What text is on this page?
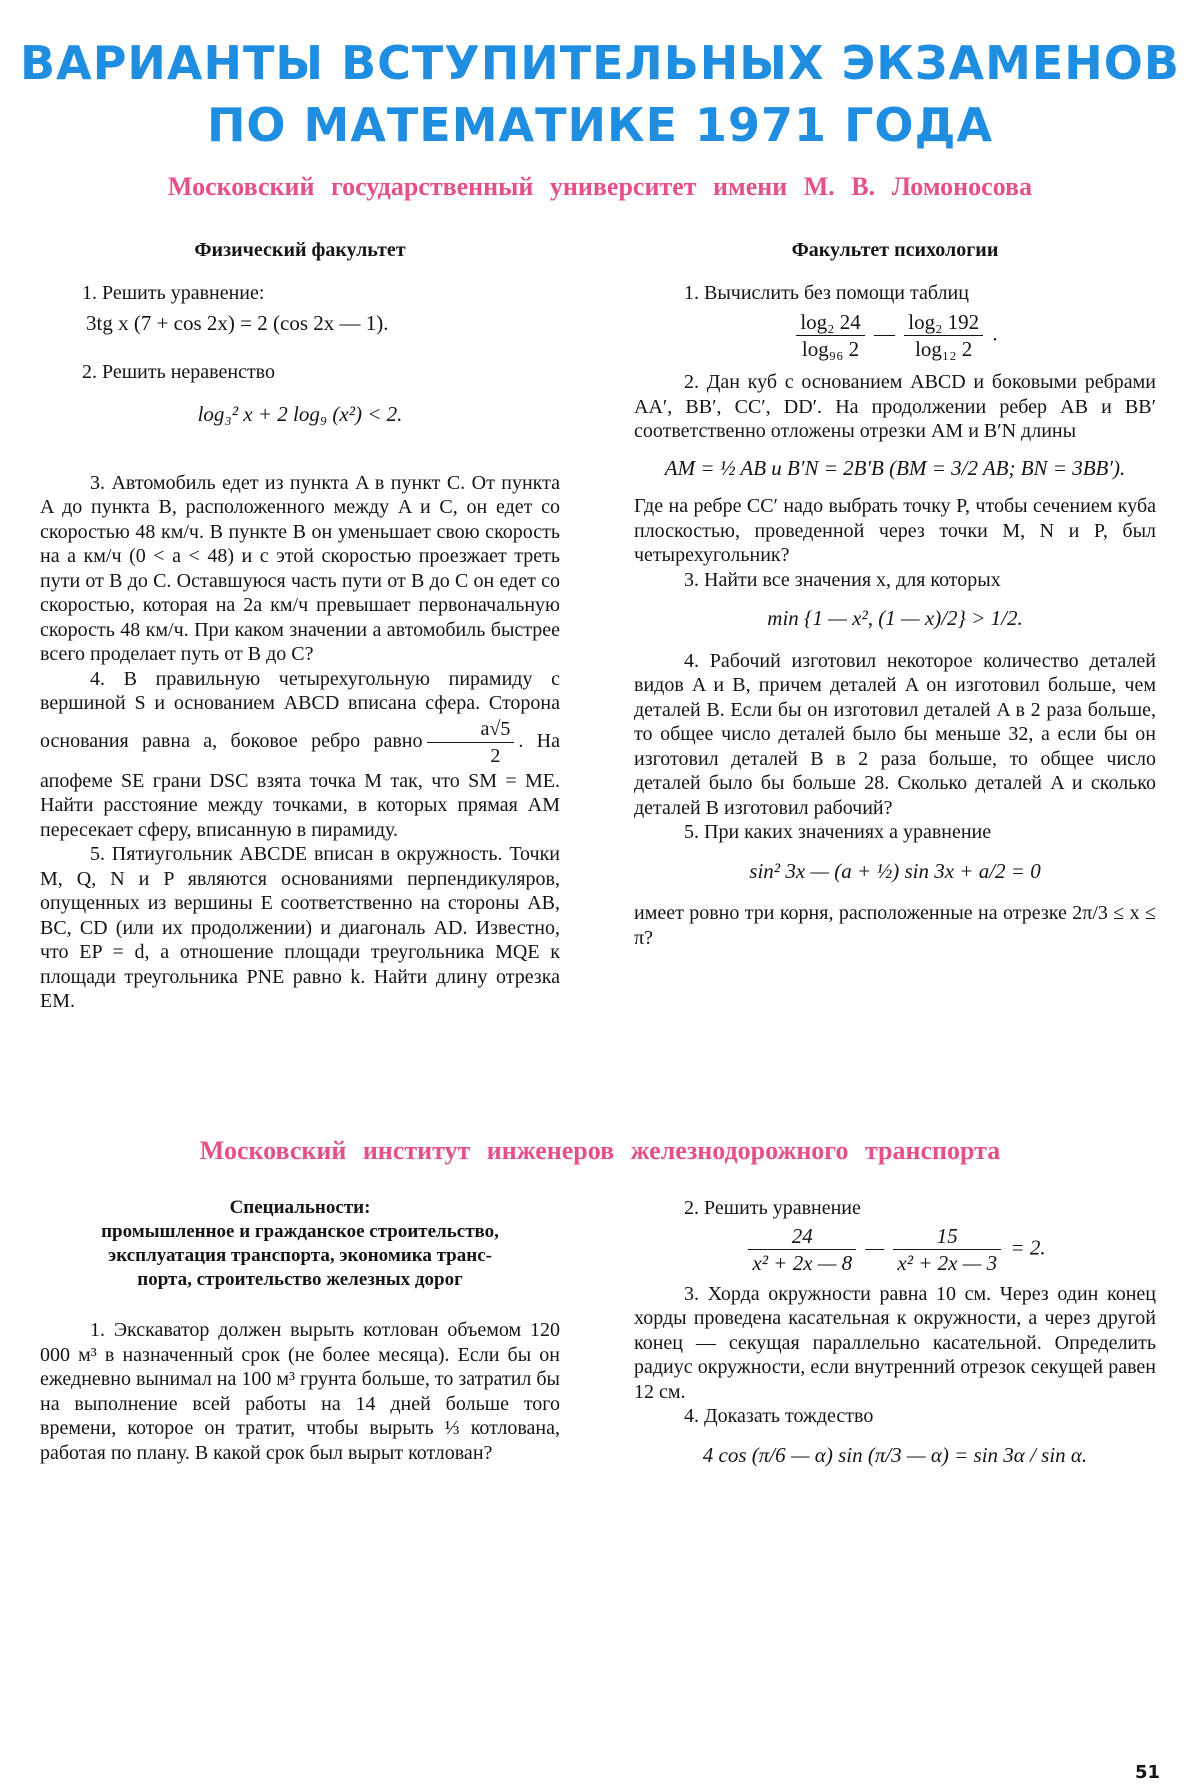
ВАРИАНТЫ ВСТУПИТЕЛЬНЫХ ЭКЗАМЕНОВ
ПО МАТЕМАТИКЕ 1971 ГОДА
Московский государственный университет имени М. В. Ломоносова

Физический факультет

1. Решить уравнение:

3tg x (7 + cos 2x) = 2 (cos 2x — 1).

2. Решить неравенство

log₃² x + 2 log₉ (x²) < 2.

3. Автомобиль едет из пункта A в пункт C. От пункта A до пункта B, расположенного между A и C, он едет со скоростью 48 км/ч. В пункте B он уменьшает свою скорость на a км/ч (0 < a < 48) и с этой скоростью проезжает треть пути от B до C. Оставшуюся часть пути от B до C он едет со скоростью, которая на 2a км/ч превышает первоначальную скорость 48 км/ч. При каком значении a автомобиль быстрее всего проделает путь от B до C?

4. В правильную четырехугольную пирамиду с вершиной S и основанием ABCD вписана сфера. Сторона основания равна a, боковое ребро равно $\frac{a√5}{2}$ . На апофеме SE грани DSC взята точка M так, что SM = ME. Найти расстояние между точками, в которых прямая AM пересекает сферу, вписанную в пирамиду.

5. Пятиугольник ABCDE вписан в окружность. Точки M, Q, N и P являются основаниями перпендикуляров, опущенных из вершины E соответственно на стороны AB, BC, CD (или их продолжении) и диагональ AD. Известно, что EP = d, а отношение площади треугольника MQE к площади треугольника PNE равно k. Найти длину отрезка EM.

Факультет психологии

1. Вычислить без помощи таблиц

$\frac{\text{log₂ 24}}{\text{log₉₆ 2}}$ — $\frac{\text{log₂ 192}}{\text{log₁₂ 2}}$ .

2. Дан куб с основанием ABCD и боковыми ребрами AA′, BB′, CC′, DD′. На продолжении ребер AB и BB′ соответственно отложены отрезки AM и B′N длины

AM = ½ AB и B′N = 2B′B (BM = 3/2 AB; BN = 3BB′).

Где на ребре CC′ надо выбрать точку P, чтобы сечением куба плоскостью, проведенной через точки M, N и P, был четырехугольник?

3. Найти все значения x, для которых

min {1 — x², (1 — x)/2} > 1/2.

4. Рабочий изготовил некоторое количество деталей видов A и B, причем деталей A он изготовил больше, чем деталей B. Если бы он изготовил деталей A в 2 раза больше, то общее число деталей было бы меньше 32, а если бы он изготовил деталей B в 2 раза больше, то общее число деталей было бы больше 28. Сколько деталей A и сколько деталей B изготовил рабочий?

5. При каких значениях a уравнение

sin² 3x — (a + ½) sin 3x + a/2 = 0

имеет ровно три корня, расположенные на отрезке 2π/3 ≤ x ≤ π?

Московский институт инженеров железнодорожного транспорта

Специальности:
промышленное и гражданское строительство,
эксплуатация транспорта, экономика транс-
порта, строительство железных дорог

1. Экскаватор должен вырыть котлован объемом 120 000 м³ в назначенный срок (не более месяца). Если бы он ежедневно вынимал на 100 м³ грунта больше, то затратил бы на выполнение всей работы на 14 дней больше того времени, которое он тратит, чтобы вырыть ⅓ котлована, работая по плану. В какой срок был вырыт котлован?

2. Решить уравнение

$\frac{24}{\text{x² + 2x — 8}}$ — $\frac{15}{\text{x² + 2x — 3}} = 2$.

3. Хорда окружности равна 10 см. Через один конец хорды проведена касательная к окружности, а через другой конец — секущая параллельно касательной. Определить радиус окружности, если внутренний отрезок секущей равен 12 см.

4. Доказать тождество

4 cos (π/6 — α) sin (π/3 — α) = sin 3α / sin α.

51
